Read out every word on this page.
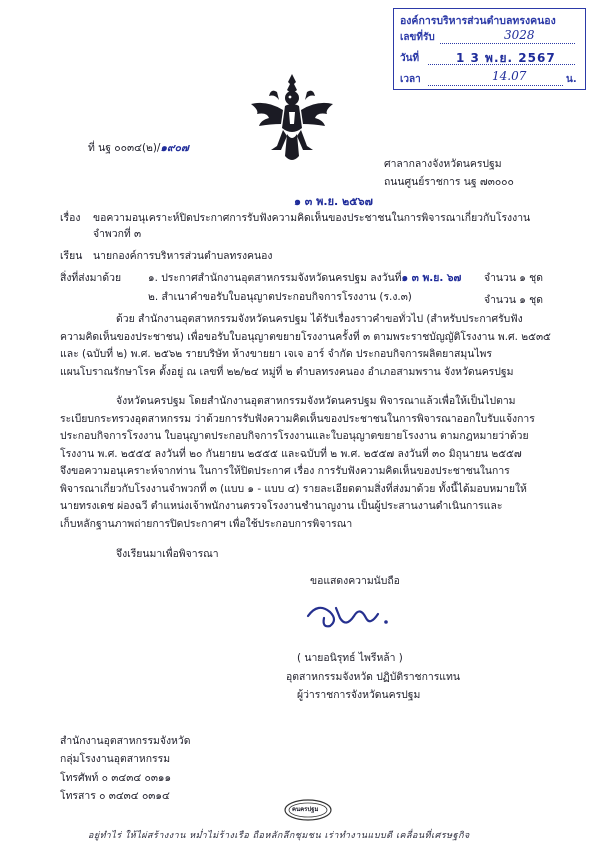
องค์การบริหารส่วนตำบลทรงคนอง
เลขที่รับ	3028
วันที่	1 3 พ.ย. 2567
เวลา	14.07	น.
ที่ นฐ ๐๐๓๔(๒)/๑๙๐๗
ศาลากลางจังหวัดนครปฐม
ถนนศูนย์ราชการ นฐ ๗๓๐๐๐
๑ ๓ พ.ย. ๒๕๖๗
เรื่อง ขอความอนุเคราะห์ปิดประกาศการรับฟังความคิดเห็นของประชาชนในการพิจารณาเกี่ยวกับโรงงาน
จำพวกที่ ๓
เรียน นายกองค์การบริหารส่วนตำบลทรงคนอง
สิ่งที่ส่งมาด้วย	๑. ประกาศสำนักงานอุตสาหกรรมจังหวัดนครปฐม ลงวันที่๑ ๓ พ.ย. ๖๗ จำนวน ๑ ชุด
๒. สำเนาคำขอรับใบอนุญาตประกอบกิจการโรงงาน (ร.ง.๓)	จำนวน ๑ ชุด
ด้วย สำนักงานอุตสาหกรรมจังหวัดนครปฐม ได้รับเรื่องราวคำขอทั่วไป (สำหรับประกาศรับฟัง
ความคิดเห็นของประชาชน) เพื่อขอรับใบอนุญาตขยายโรงงานครั้งที่ ๓ ตามพระราชบัญญัติโรงงาน พ.ศ. ๒๕๓๕
และ (ฉบับที่ ๒) พ.ศ. ๒๕๖๒ รายบริษัท ห้างขายยา เจเจ อาร์ จำกัด ประกอบกิจการผลิตยาสมุนไพร
แผนโบราณรักษาโรค ตั้งอยู่ ณ เลขที่ ๒๒/๒๔ หมู่ที่ ๒ ตำบลทรงคนอง อำเภอสามพราน จังหวัดนครปฐม
จังหวัดนครปฐม โดยสำนักงานอุตสาหกรรมจังหวัดนครปฐม พิจารณาแล้วเพื่อให้เป็นไปตาม
ระเบียบกระทรวงอุตสาหกรรม ว่าด้วยการรับฟังความคิดเห็นของประชาชนในการพิจารณาออกใบรับแจ้งการ
ประกอบกิจการโรงงาน ใบอนุญาตประกอบกิจการโรงงานและใบอนุญาตขยายโรงงาน ตามกฎหมายว่าด้วย
โรงงาน พ.ศ. ๒๕๕๕ ลงวันที่ ๒๐ กันยายน ๒๕๕๕ และฉบับที่ ๒ พ.ศ. ๒๕๕๗ ลงวันที่ ๓๐ มิถุนายน ๒๕๕๗
จึงขอความอนุเคราะห์จากท่าน ในการให้ปิดประกาศ เรื่อง การรับฟังความคิดเห็นของประชาชนในการ
พิจารณาเกี่ยวกับโรงงานจำพวกที่ ๓ (แบบ ๑ - แบบ ๔) รายละเอียดตามสิ่งที่ส่งมาด้วย ทั้งนี้ได้มอบหมายให้
นายทรงเดช ผ่องฉวี ตำแหน่งเจ้าพนักงานตรวจโรงงานชำนาญงาน เป็นผู้ประสานงานดำเนินการและ
เก็บหลักฐานภาพถ่ายการปิดประกาศฯ เพื่อใช้ประกอบการพิจารณา
จึงเรียนมาเพื่อพิจารณา
ขอแสดงความนับถือ
( นายอนิรุทธ์ ไพรีหล้า )
อุตสาหกรรมจังหวัด ปฏิบัติราชการแทน
ผู้ว่าราชการจังหวัดนครปฐม
สำนักงานอุตสาหกรรมจังหวัด
กลุ่มโรงงานอุตสาหกรรม
โทรศัพท์ ๐ ๓๔๓๔ ๐๓๑๑
โทรสาร ๐ ๓๔๓๔ ๐๓๑๔
คนครปฐม
อยู่ทำไร่ ให้ไผ่สร้างงาน หม่ำไม่ร้างเรือ ถือหลักลึกชุมชน เร่าทำงานแบบดี เคลื่อนที่เศรษฐกิจ
